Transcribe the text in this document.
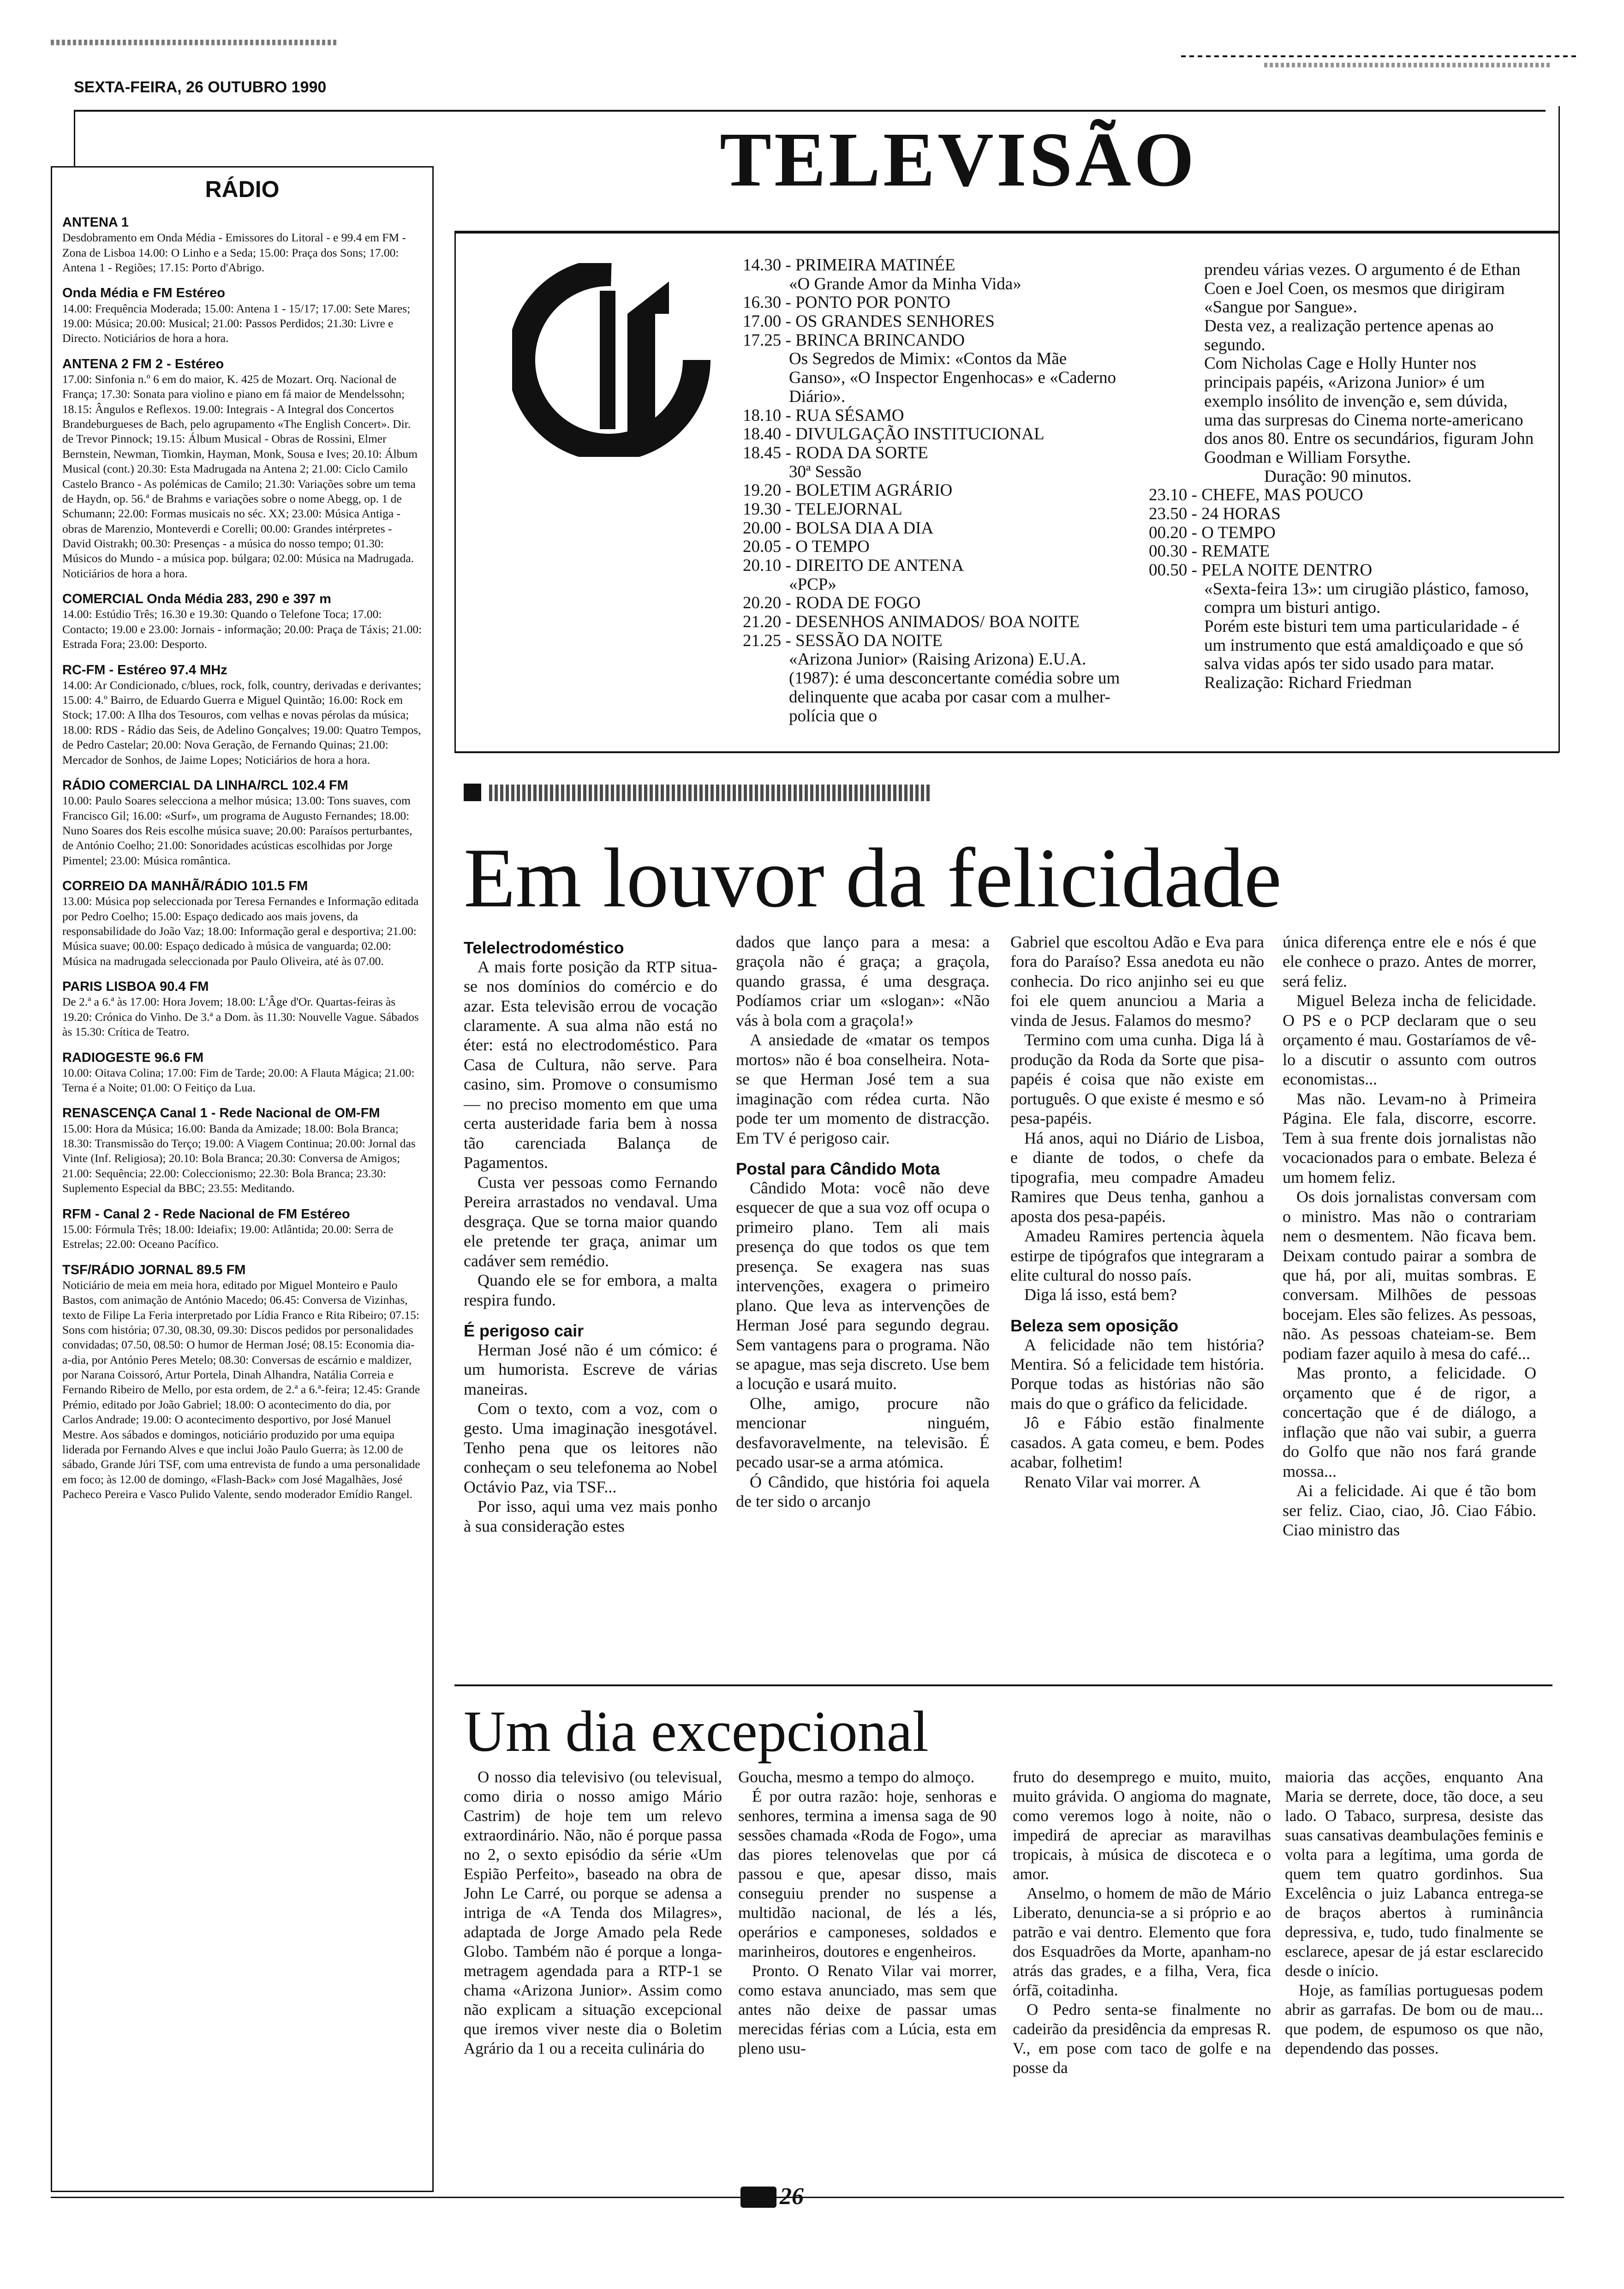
SEXTA-FEIRA, 26 OUTUBRO 1990
TELEVISÃO

14.30 - PRIMEIRA MATINÉE

«O Grande Amor da Minha Vida»

16.30 - PONTO POR PONTO

17.00 - OS GRANDES SENHORES

17.25 - BRINCA BRINCANDO

Os Segredos de Mimix: «Contos da Mãe Ganso», «O Inspector Engenhocas» e «Caderno Diário».

18.10 - RUA SÉSAMO

18.40 - DIVULGAÇÃO INSTITUCIONAL

18.45 - RODA DA SORTE

30ª Sessão

19.20 - BOLETIM AGRÁRIO

19.30 - TELEJORNAL

20.00 - BOLSA DIA A DIA

20.05 - O TEMPO

20.10 - DIREITO DE ANTENA

«PCP»

20.20 - RODA DE FOGO

21.20 - DESENHOS ANIMADOS/ BOA NOITE

21.25 - SESSÃO DA NOITE

«Arizona Junior» (Raising Arizona) E.U.A. (1987): é uma desconcertante comédia sobre um delinquente que acaba por casar com a mulher-polícia que o

prendeu várias vezes. O argumento é de Ethan Coen e Joel Coen, os mesmos que dirigiram «Sangue por Sangue».

Desta vez, a realização pertence apenas ao segundo.

Com Nicholas Cage e Holly Hunter nos principais papéis, «Arizona Junior» é um exemplo insólito de invenção e, sem dúvida, uma das surpresas do Cinema norte-americano dos anos 80. Entre os secundários, figuram John Goodman e William Forsythe.

Duração: 90 minutos.

23.10 - CHEFE, MAS POUCO

23.50 - 24 HORAS

00.20 - O TEMPO

00.30 - REMATE

00.50 - PELA NOITE DENTRO

«Sexta-feira 13»: um cirugião plástico, famoso, compra um bisturi antigo.

Porém este bisturi tem uma particularidade - é um instrumento que está amaldiçoado e que só salva vidas após ter sido usado para matar.

Realização: Richard Friedman

RÁDIO
ANTENA 1
Desdobramento em Onda Média - Emissores do Litoral - e 99.4 em FM - Zona de Lisboa 14.00: O Linho e a Seda; 15.00: Praça dos Sons; 17.00: Antena 1 - Regiões; 17.15: Porto d'Abrigo.
Onda Média e FM Estéreo
14.00: Frequência Moderada; 15.00: Antena 1 - 15/17; 17.00: Sete Mares; 19.00: Música; 20.00: Musical; 21.00: Passos Perdidos; 21.30: Livre e Directo. Noticiários de hora a hora.
ANTENA 2 FM 2 - Estéreo
17.00: Sinfonia n.º 6 em do maior, K. 425 de Mozart. Orq. Nacional de França; 17.30: Sonata para violino e piano em fá maior de Mendelssohn; 18.15: Ângulos e Reflexos. 19.00: Integrais - A Integral dos Concertos Brandeburgueses de Bach, pelo agrupamento «The English Concert». Dir. de Trevor Pinnock; 19.15: Álbum Musical - Obras de Rossini, Elmer Bernstein, Newman, Tiomkin, Hayman, Monk, Sousa e Ives; 20.10: Álbum Musical (cont.) 20.30: Esta Madrugada na Antena 2; 21.00: Ciclo Camilo Castelo Branco - As polémicas de Camilo; 21.30: Variações sobre um tema de Haydn, op. 56.ª de Brahms e variações sobre o nome Abegg, op. 1 de Schumann; 22.00: Formas musicais no séc. XX; 23.00: Música Antiga - obras de Marenzio, Monteverdi e Corelli; 00.00: Grandes intérpretes - David Oistrakh; 00.30: Presenças - a música do nosso tempo; 01.30: Músicos do Mundo - a música pop. búlgara; 02.00: Música na Madrugada. Noticiários de hora a hora.
COMERCIAL Onda Média 283, 290 e 397 m
14.00: Estúdio Três; 16.30 e 19.30: Quando o Telefone Toca; 17.00: Contacto; 19.00 e 23.00: Jornais - informação; 20.00: Praça de Táxis; 21.00: Estrada Fora; 23.00: Desporto.
RC-FM - Estéreo 97.4 MHz
14.00: Ar Condicionado, c/blues, rock, folk, country, derivadas e derivantes; 15.00: 4.º Bairro, de Eduardo Guerra e Miguel Quintão; 16.00: Rock em Stock; 17.00: A Ilha dos Tesouros, com velhas e novas pérolas da música; 18.00: RDS - Rádio das Seis, de Adelino Gonçalves; 19.00: Quatro Tempos, de Pedro Castelar; 20.00: Nova Geração, de Fernando Quinas; 21.00: Mercador de Sonhos, de Jaime Lopes; Noticiários de hora a hora.
RÁDIO COMERCIAL DA LINHA/RCL 102.4 FM
10.00: Paulo Soares selecciona a melhor música; 13.00: Tons suaves, com Francisco Gil; 16.00: «Surf», um programa de Augusto Fernandes; 18.00: Nuno Soares dos Reis escolhe música suave; 20.00: Paraísos perturbantes, de António Coelho; 21.00: Sonoridades acústicas escolhidas por Jorge Pimentel; 23.00: Música romântica.
CORREIO DA MANHÃ/RÁDIO 101.5 FM
13.00: Música pop seleccionada por Teresa Fernandes e Informação editada por Pedro Coelho; 15.00: Espaço dedicado aos mais jovens, da responsabilidade do João Vaz; 18.00: Informação geral e desportiva; 21.00: Música suave; 00.00: Espaço dedicado à música de vanguarda; 02.00: Música na madrugada seleccionada por Paulo Oliveira, até às 07.00.
PARIS LISBOA 90.4 FM
De 2.ª a 6.ª às 17.00: Hora Jovem; 18.00: L'Âge d'Or. Quartas-feiras às 19.20: Crónica do Vinho. De 3.ª a Dom. às 11.30: Nouvelle Vague. Sábados às 15.30: Crítica de Teatro.
RADIOGESTE 96.6 FM
10.00: Oitava Colina; 17.00: Fim de Tarde; 20.00: A Flauta Mágica; 21.00: Terna é a Noite; 01.00: O Feitiço da Lua.
RENASCENÇA Canal 1 - Rede Nacional de OM-FM
15.00: Hora da Música; 16.00: Banda da Amizade; 18.00: Bola Branca; 18.30: Transmissão do Terço; 19.00: A Viagem Continua; 20.00: Jornal das Vinte (Inf. Religiosa); 20.10: Bola Branca; 20.30: Conversa de Amigos; 21.00: Sequência; 22.00: Coleccionismo; 22.30: Bola Branca; 23.30: Suplemento Especial da BBC; 23.55: Meditando.
RFM - Canal 2 - Rede Nacional de FM Estéreo
15.00: Fórmula Três; 18.00: Ideiafix; 19.00: Atlântida; 20.00: Serra de Estrelas; 22.00: Oceano Pacífico.
TSF/RÁDIO JORNAL 89.5 FM
Noticiário de meia em meia hora, editado por Miguel Monteiro e Paulo Bastos, com animação de António Macedo; 06.45: Conversa de Vizinhas, texto de Filipe La Feria interpretado por Lídia Franco e Rita Ribeiro; 07.15: Sons com história; 07.30, 08.30, 09.30: Discos pedidos por personalidades convidadas; 07.50, 08.50: O humor de Herman José; 08.15: Economia dia-a-dia, por António Peres Metelo; 08.30: Conversas de escárnio e maldizer, por Narana Coissoró, Artur Portela, Dinah Alhandra, Natália Correia e Fernando Ribeiro de Mello, por esta ordem, de 2.ª a 6.ª-feira; 12.45: Grande Prémio, editado por João Gabriel; 18.00: O acontecimento do dia, por Carlos Andrade; 19.00: O acontecimento desportivo, por José Manuel Mestre. Aos sábados e domingos, noticiário produzido por uma equipa liderada por Fernando Alves e que inclui João Paulo Guerra; às 12.00 de sábado, Grande Júri TSF, com uma entrevista de fundo a uma personalidade em foco; às 12.00 de domingo, «Flash-Back» com José Magalhães, José Pacheco Pereira e Vasco Pulido Valente, sendo moderador Emídio Rangel.
Em louvor da felicidade

Telelectrodoméstico

A mais forte posição da RTP situa-se nos domínios do comércio e do azar. Esta televisão errou de vocação claramente. A sua alma não está no éter: está no electrodoméstico. Para Casa de Cultura, não serve. Para casino, sim. Promove o consumismo — no preciso momento em que uma certa austeridade faria bem à nossa tão carenciada Balança de Pagamentos.

Custa ver pessoas como Fernando Pereira arrastados no vendaval. Uma desgraça. Que se torna maior quando ele pretende ter graça, animar um cadáver sem remédio.

Quando ele se for embora, a malta respira fundo.

É perigoso cair

Herman José não é um cómico: é um humorista. Escreve de várias maneiras.

Com o texto, com a voz, com o gesto. Uma imaginação inesgotável. Tenho pena que os leitores não conheçam o seu telefonema ao Nobel Octávio Paz, via TSF...

Por isso, aqui uma vez mais ponho à sua consideração estes

dados que lanço para a mesa: a graçola não é graça; a graçola, quando grassa, é uma desgraça. Podíamos criar um «slogan»: «Não vás à bola com a graçola!»

A ansiedade de «matar os tempos mortos» não é boa conselheira. Nota-se que Herman José tem a sua imaginação com rédea curta. Não pode ter um momento de distracção. Em TV é perigoso cair.

Postal para Cândido Mota

Cândido Mota: você não deve esquecer de que a sua voz off ocupa o primeiro plano. Tem ali mais presença do que todos os que tem presença. Se exagera nas suas intervenções, exagera o primeiro plano. Que leva as intervenções de Herman José para segundo degrau. Sem vantagens para o programa. Não se apague, mas seja discreto. Use bem a locução e usará muito.

Olhe, amigo, procure não mencionar ninguém, desfavoravelmente, na televisão. É pecado usar-se a arma atómica.

Ó Cândido, que história foi aquela de ter sido o arcanjo

Gabriel que escoltou Adão e Eva para fora do Paraíso? Essa anedota eu não conhecia. Do rico anjinho sei eu que foi ele quem anunciou a Maria a vinda de Jesus. Falamos do mesmo?

Termino com uma cunha. Diga lá à produção da Roda da Sorte que pisa-papéis é coisa que não existe em português. O que existe é mesmo e só pesa-papéis.

Há anos, aqui no Diário de Lisboa, e diante de todos, o chefe da tipografia, meu compadre Amadeu Ramires que Deus tenha, ganhou a aposta dos pesa-papéis.

Amadeu Ramires pertencia àquela estirpe de tipógrafos que integraram a elite cultural do nosso país.

Diga lá isso, está bem?

Beleza sem oposição

A felicidade não tem história? Mentira. Só a felicidade tem história. Porque todas as histórias não são mais do que o gráfico da felicidade.

Jô e Fábio estão finalmente casados. A gata comeu, e bem. Podes acabar, folhetim!

Renato Vilar vai morrer. A

única diferença entre ele e nós é que ele conhece o prazo. Antes de morrer, será feliz.

Miguel Beleza incha de felicidade. O PS e o PCP declaram que o seu orçamento é mau. Gostaríamos de vê-lo a discutir o assunto com outros economistas...

Mas não. Levam-no à Primeira Página. Ele fala, discorre, escorre. Tem à sua frente dois jornalistas não vocacionados para o embate. Beleza é um homem feliz.

Os dois jornalistas conversam com o ministro. Mas não o contrariam nem o desmentem. Não ficava bem. Deixam contudo pairar a sombra de que há, por ali, muitas sombras. E conversam. Milhões de pessoas bocejam. Eles são felizes. As pessoas, não. As pessoas chateiam-se. Bem podiam fazer aquilo à mesa do café...

Mas pronto, a felicidade. O orçamento que é de rigor, a concertação que é de diálogo, a inflação que não vai subir, a guerra do Golfo que não nos fará grande mossa...

Ai a felicidade. Ai que é tão bom ser feliz. Ciao, ciao, Jô. Ciao Fábio. Ciao ministro das

Um dia excepcional

O nosso dia televisivo (ou televisual, como diria o nosso amigo Mário Castrim) de hoje tem um relevo extraordinário. Não, não é porque passa no 2, o sexto episódio da série «Um Espião Perfeito», baseado na obra de John Le Carré, ou porque se adensa a intriga de «A Tenda dos Milagres», adaptada de Jorge Amado pela Rede Globo. Também não é porque a longa-metragem agendada para a RTP-1 se chama «Arizona Junior». Assim como não explicam a situação excepcional que iremos viver neste dia o Boletim Agrário da 1 ou a receita culinária do

Goucha, mesmo a tempo do almoço.

É por outra razão: hoje, senhoras e senhores, termina a imensa saga de 90 sessões chamada «Roda de Fogo», uma das piores telenovelas que por cá passou e que, apesar disso, mais conseguiu prender no suspense a multidão nacional, de lés a lés, operários e camponeses, soldados e marinheiros, doutores e engenheiros.

Pronto. O Renato Vilar vai morrer, como estava anunciado, mas sem que antes não deixe de passar umas merecidas férias com a Lúcia, esta em pleno usu-

fruto do desemprego e muito, muito, muito grávida. O angioma do magnate, como veremos logo à noite, não o impedirá de apreciar as maravilhas tropicais, à música de discoteca e o amor.

Anselmo, o homem de mão de Mário Liberato, denuncia-se a si próprio e ao patrão e vai dentro. Elemento que fora dos Esquadrões da Morte, apanham-no atrás das grades, e a filha, Vera, fica órfã, coitadinha.

O Pedro senta-se finalmente no cadeirão da presidência da empresas R. V., em pose com taco de golfe e na posse da

maioria das acções, enquanto Ana Maria se derrete, doce, tão doce, a seu lado. O Tabaco, surpresa, desiste das suas cansativas deambulações feminis e volta para a legítima, uma gorda de quem tem quatro gordinhos. Sua Excelência o juiz Labanca entrega-se de braços abertos à ruminância depressiva, e, tudo, tudo finalmente se esclarece, apesar de já estar esclarecido desde o início.

Hoje, as famílias portuguesas podem abrir as garrafas. De bom ou de mau... que podem, de espumoso os que não, dependendo das posses.

26
